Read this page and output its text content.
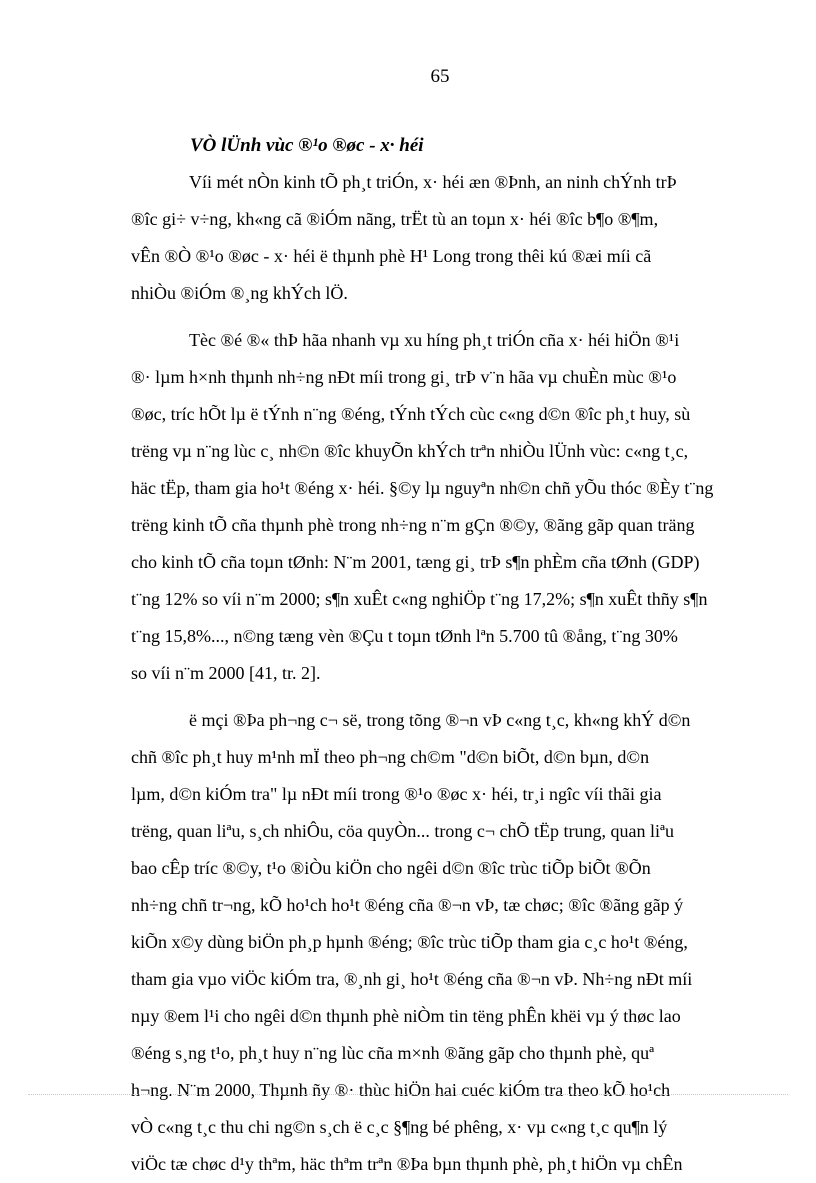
65
VÒ lÜnh vùc ®¹o ®øc - x· héi
Víi mét nÒn kinh tÕ ph¸t triÓn, x· héi æn ®Þnh, an ninh chÝnh trÞ
®îc gi÷ v÷ng, kh«ng cã ®iÓm nãng, trËt tù an toµn x· héi ®îc b¶o ®¶m,
vÊn ®Ò ®¹o ®øc - x· héi ë thµnh phè H¹ Long trong thêi kú ®æi míi cã
nhiÒu ®iÓm ®¸ng khÝch lÖ.
Tèc ®é ®« thÞ hãa nhanh vµ xu híng ph¸t triÓn cña x· héi hiÖn ®¹i
®· lµm h×nh thµnh nh÷ng nÐt míi trong gi¸ trÞ v¨n hãa vµ chuÈn mùc ®¹o
®øc, tríc hÕt lµ ë tÝnh n¨ng ®éng, tÝnh tÝch cùc c«ng d©n ®îc ph¸t huy, sù
trëng vµ n¨ng lùc c¸ nh©n ®îc khuyÕn khÝch trªn nhiÒu lÜnh vùc: c«ng t¸c,
häc tËp, tham gia ho¹t ®éng x· héi. §©y lµ nguyªn nh©n chñ yÕu thóc ®Èy t¨ng
trëng kinh tÕ cña thµnh phè trong nh÷ng n¨m gÇn ®©y, ®ãng gãp quan träng
cho kinh tÕ cña toµn tØnh: N¨m 2001, tæng gi¸ trÞ s¶n phÈm cña tØnh (GDP)
t¨ng 12% so víi n¨m 2000; s¶n xuÊt c«ng nghiÖp t¨ng 17,2%; s¶n xuÊt thñy s¶n
t¨ng 15,8%..., n©ng tæng vèn ®Çu t toµn tØnh lªn 5.700 tû ®ång, t¨ng 30%
so víi n¨m 2000 [41, tr. 2].
ë mçi ®Þa ph¬ng c¬ së, trong tõng ®¬n vÞ c«ng t¸c, kh«ng khÝ d©n
chñ ®îc ph¸t huy m¹nh mÏ theo ph¬ng ch©m "d©n biÕt, d©n bµn, d©n
lµm, d©n kiÓm tra" lµ nÐt míi trong ®¹o ®øc x· héi, tr¸i ngîc víi thãi gia
trëng, quan liªu, s¸ch nhiÔu, cöa quyÒn... trong c¬ chÕ tËp trung, quan liªu
bao cÊp tríc ®©y, t¹o ®iÒu kiÖn cho ngêi d©n ®îc trùc tiÕp biÕt ®Õn
nh÷ng chñ tr¬ng, kÕ ho¹ch ho¹t ®éng cña ®¬n vÞ, tæ chøc; ®îc ®ãng gãp ý
kiÕn x©y dùng biÖn ph¸p hµnh ®éng; ®îc trùc tiÕp tham gia c¸c ho¹t ®éng,
tham gia vµo viÖc kiÓm tra, ®¸nh gi¸ ho¹t ®éng cña ®¬n vÞ. Nh÷ng nÐt míi
nµy ®em l¹i cho ngêi d©n thµnh phè niÒm tin tëng phÊn khëi vµ ý thøc lao
®éng s¸ng t¹o, ph¸t huy n¨ng lùc cña m×nh ®ãng gãp cho thµnh phè, quª
h¬ng. N¨m 2000, Thµnh ñy ®· thùc hiÖn hai cuéc kiÓm tra theo kÕ ho¹ch
vÒ c«ng t¸c thu chi ng©n s¸ch ë c¸c §¶ng bé phêng, x· vµ c«ng t¸c qu¶n lý
viÖc tæ chøc d¹y thªm, häc thªm trªn ®Þa bµn thµnh phè, ph¸t hiÖn vµ chÊn
